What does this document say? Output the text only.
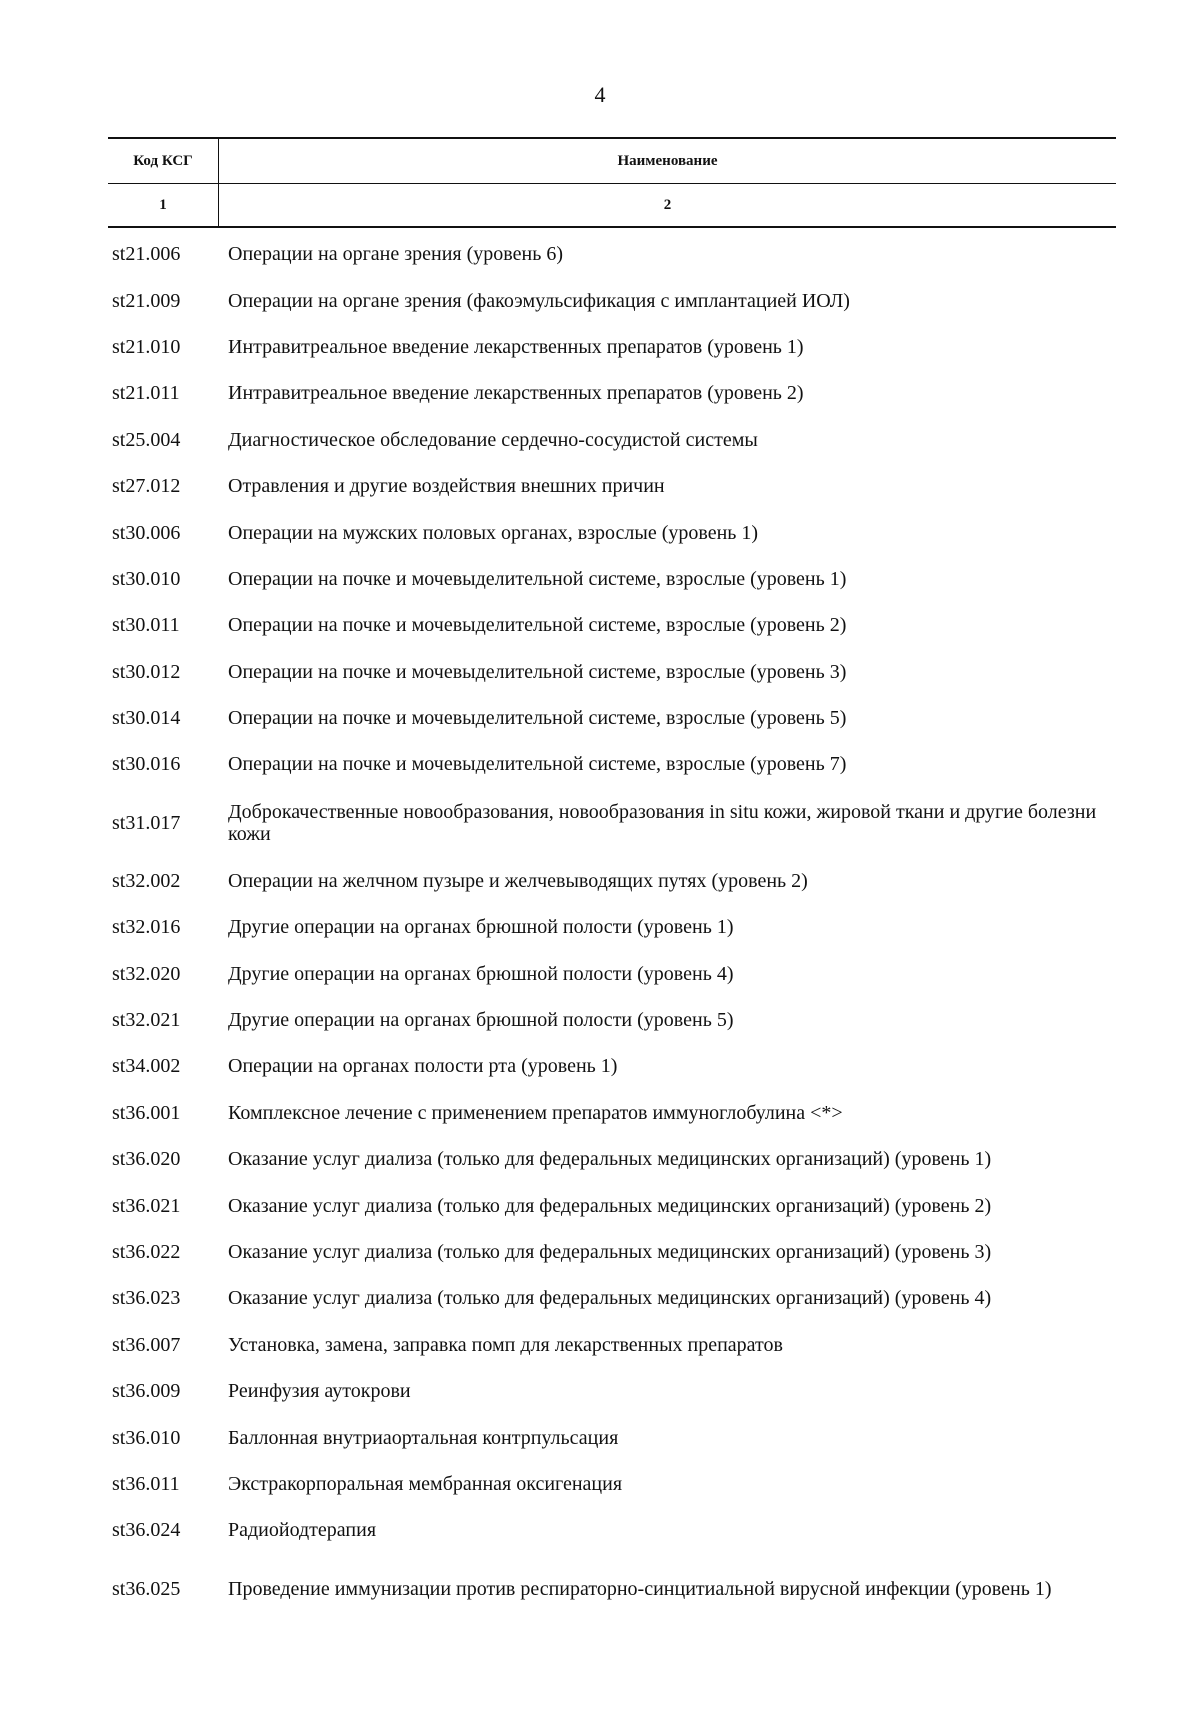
4
Код КСГ	Наименование
1	2
st21.006	Операции на органе зрения (уровень 6)
st21.009	Операции на органе зрения (факоэмульсификация с имплантацией ИОЛ)
st21.010	Интравитреальное введение лекарственных препаратов (уровень 1)
st21.011	Интравитреальное введение лекарственных препаратов (уровень 2)
st25.004	Диагностическое обследование сердечно-сосудистой системы
st27.012	Отравления и другие воздействия внешних причин
st30.006	Операции на мужских половых органах, взрослые (уровень 1)
st30.010	Операции на почке и мочевыделительной системе, взрослые (уровень 1)
st30.011	Операции на почке и мочевыделительной системе, взрослые (уровень 2)
st30.012	Операции на почке и мочевыделительной системе, взрослые (уровень 3)
st30.014	Операции на почке и мочевыделительной системе, взрослые (уровень 5)
st30.016	Операции на почке и мочевыделительной системе, взрослые (уровень 7)
st31.017	Доброкачественные новообразования, новообразования in situ кожи, жировой ткани и другие болезни кожи
st32.002	Операции на желчном пузыре и желчевыводящих путях (уровень 2)
st32.016	Другие операции на органах брюшной полости (уровень 1)
st32.020	Другие операции на органах брюшной полости (уровень 4)
st32.021	Другие операции на органах брюшной полости (уровень 5)
st34.002	Операции на органах полости рта (уровень 1)
st36.001	Комплексное лечение с применением препаратов иммуноглобулина <*>
st36.020	Оказание услуг диализа (только для федеральных медицинских организаций) (уровень 1)
st36.021	Оказание услуг диализа (только для федеральных медицинских организаций) (уровень 2)
st36.022	Оказание услуг диализа (только для федеральных медицинских организаций) (уровень 3)
st36.023	Оказание услуг диализа (только для федеральных медицинских организаций) (уровень 4)
st36.007	Установка, замена, заправка помп для лекарственных препаратов
st36.009	Реинфузия аутокрови
st36.010	Баллонная внутриаортальная контрпульсация
st36.011	Экстракорпоральная мембранная оксигенация
st36.024	Радиойодтерапия
st36.025	Проведение иммунизации против респираторно-синцитиальной вирусной инфекции (уровень 1)
